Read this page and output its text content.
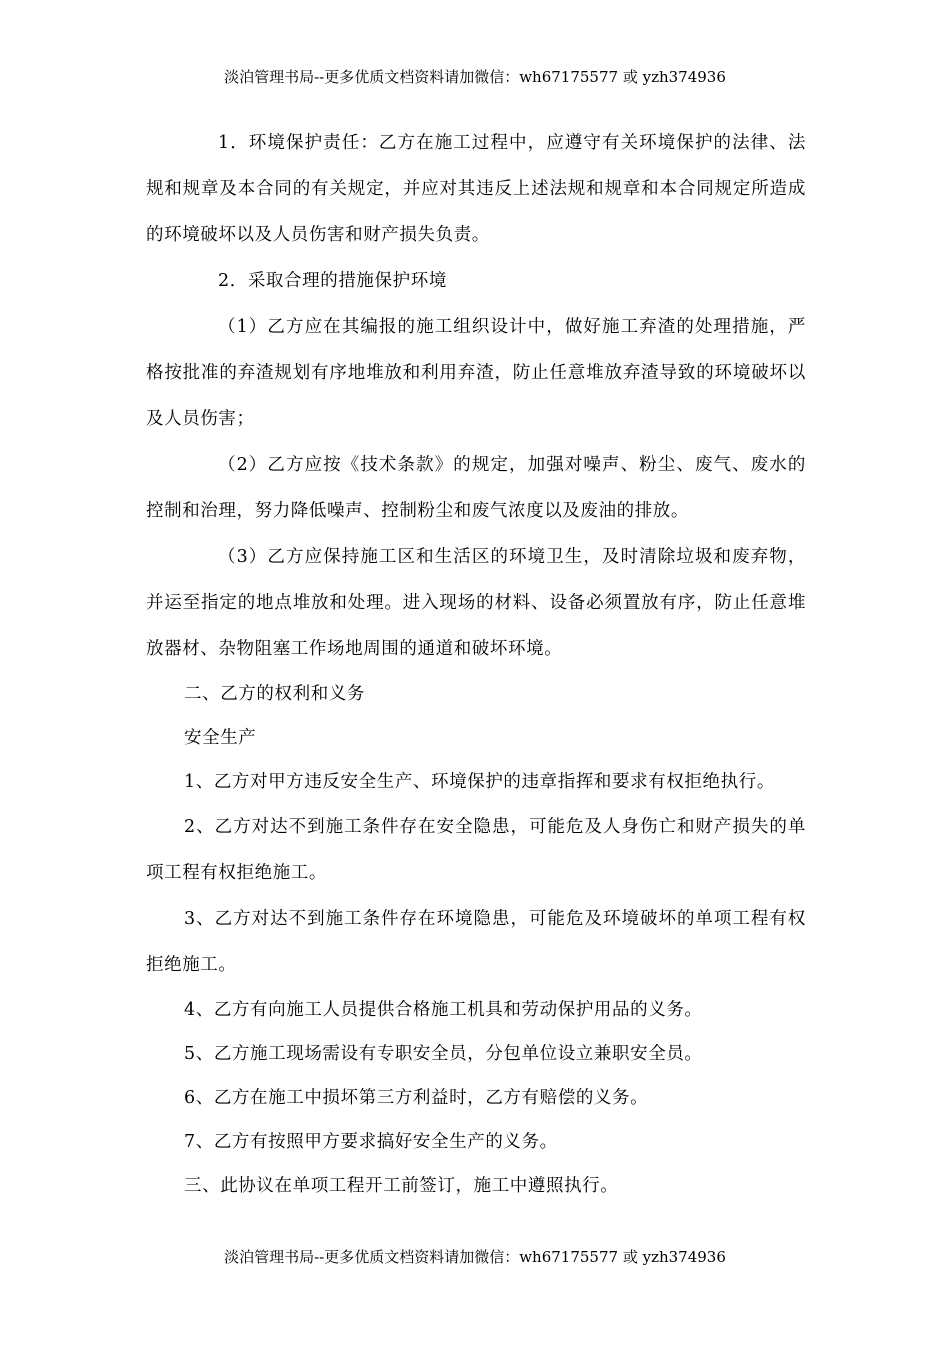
淡泊管理书局--更多优质文档资料请加微信：wh67175577 或 yzh374936

1．环境保护责任：乙方在施工过程中，应遵守有关环境保护的法律、法规和规章及本合同的有关规定，并应对其违反上述法规和规章和本合同规定所造成的环境破坏以及人员伤害和财产损失负责。

2．采取合理的措施保护环境

（1）乙方应在其编报的施工组织设计中，做好施工弃渣的处理措施，严格按批准的弃渣规划有序地堆放和利用弃渣，防止任意堆放弃渣导致的环境破坏以及人员伤害；

（2）乙方应按《技术条款》的规定，加强对噪声、粉尘、废气、废水的控制和治理，努力降低噪声、控制粉尘和废气浓度以及废油的排放。

（3）乙方应保持施工区和生活区的环境卫生，及时清除垃圾和废弃物，并运至指定的地点堆放和处理。进入现场的材料、设备必须置放有序，防止任意堆放器材、杂物阻塞工作场地周围的通道和破坏环境。

二、乙方的权利和义务

安全生产

1、乙方对甲方违反安全生产、环境保护的违章指挥和要求有权拒绝执行。

2、乙方对达不到施工条件存在安全隐患，可能危及人身伤亡和财产损失的单项工程有权拒绝施工。

3、乙方对达不到施工条件存在环境隐患，可能危及环境破坏的单项工程有权拒绝施工。

4、乙方有向施工人员提供合格施工机具和劳动保护用品的义务。

5、乙方施工现场需设有专职安全员，分包单位设立兼职安全员。

6、乙方在施工中损坏第三方利益时，乙方有赔偿的义务。

7、乙方有按照甲方要求搞好安全生产的义务。

三、此协议在单项工程开工前签订，施工中遵照执行。

淡泊管理书局--更多优质文档资料请加微信：wh67175577 或 yzh374936
